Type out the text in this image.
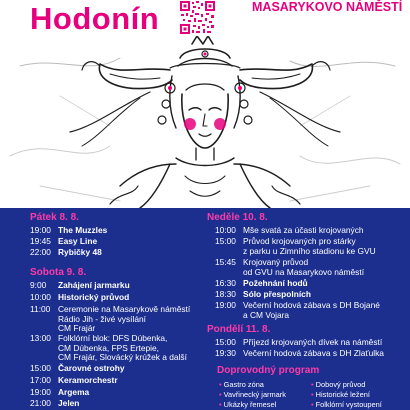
Hodonín	MASARYKOVO NÁMĚSTÍ
Pátek 8. 8.
19:00 The Muzzles
19:45 Easy Line
22:00 Rybičky 48
Sobota 9. 8.
9:00	Zahájení jarmarku
10:00 Historický průvod
11:00 Ceremonie na Masarykově náměstí
Rádio Jih - živé vysílání
CM Frajár
13:00 Folklórní blok: DFS Dúbenka,
CM Dúbenka, FPS Ertepie,
CM Frajár, Slovácký krúžek a další
15:00 Čarovné ostrohy
17:00 Keramorchestr
19:00 Argema
21:00 Jelen
Neděle 10. 8.
10:00 Mše svatá za účasti krojovaných
15:00 Průvod krojovaných pro stárky
z parku u Zimního stadionu ke GVU
15:45 Krojovaný průvod
od GVU na Masarykovo náměstí
16:30 Požehnání hodů
18:30 Sólo přespolních
19:00 Večerní hodová zábava s DH Bojané
a CM Vojara
Pondělí 11. 8.
15:00 Příjezd krojovaných dívek na náměstí
19:30 Večerní hodová zábava s DH Zlaťulka
Doprovodný program
• Gastro zóna	• Dobový průvod
• Vavřinecký jarmark	• Historické ležení
• Ukázky řemesel	• Folklórní vystoupení
